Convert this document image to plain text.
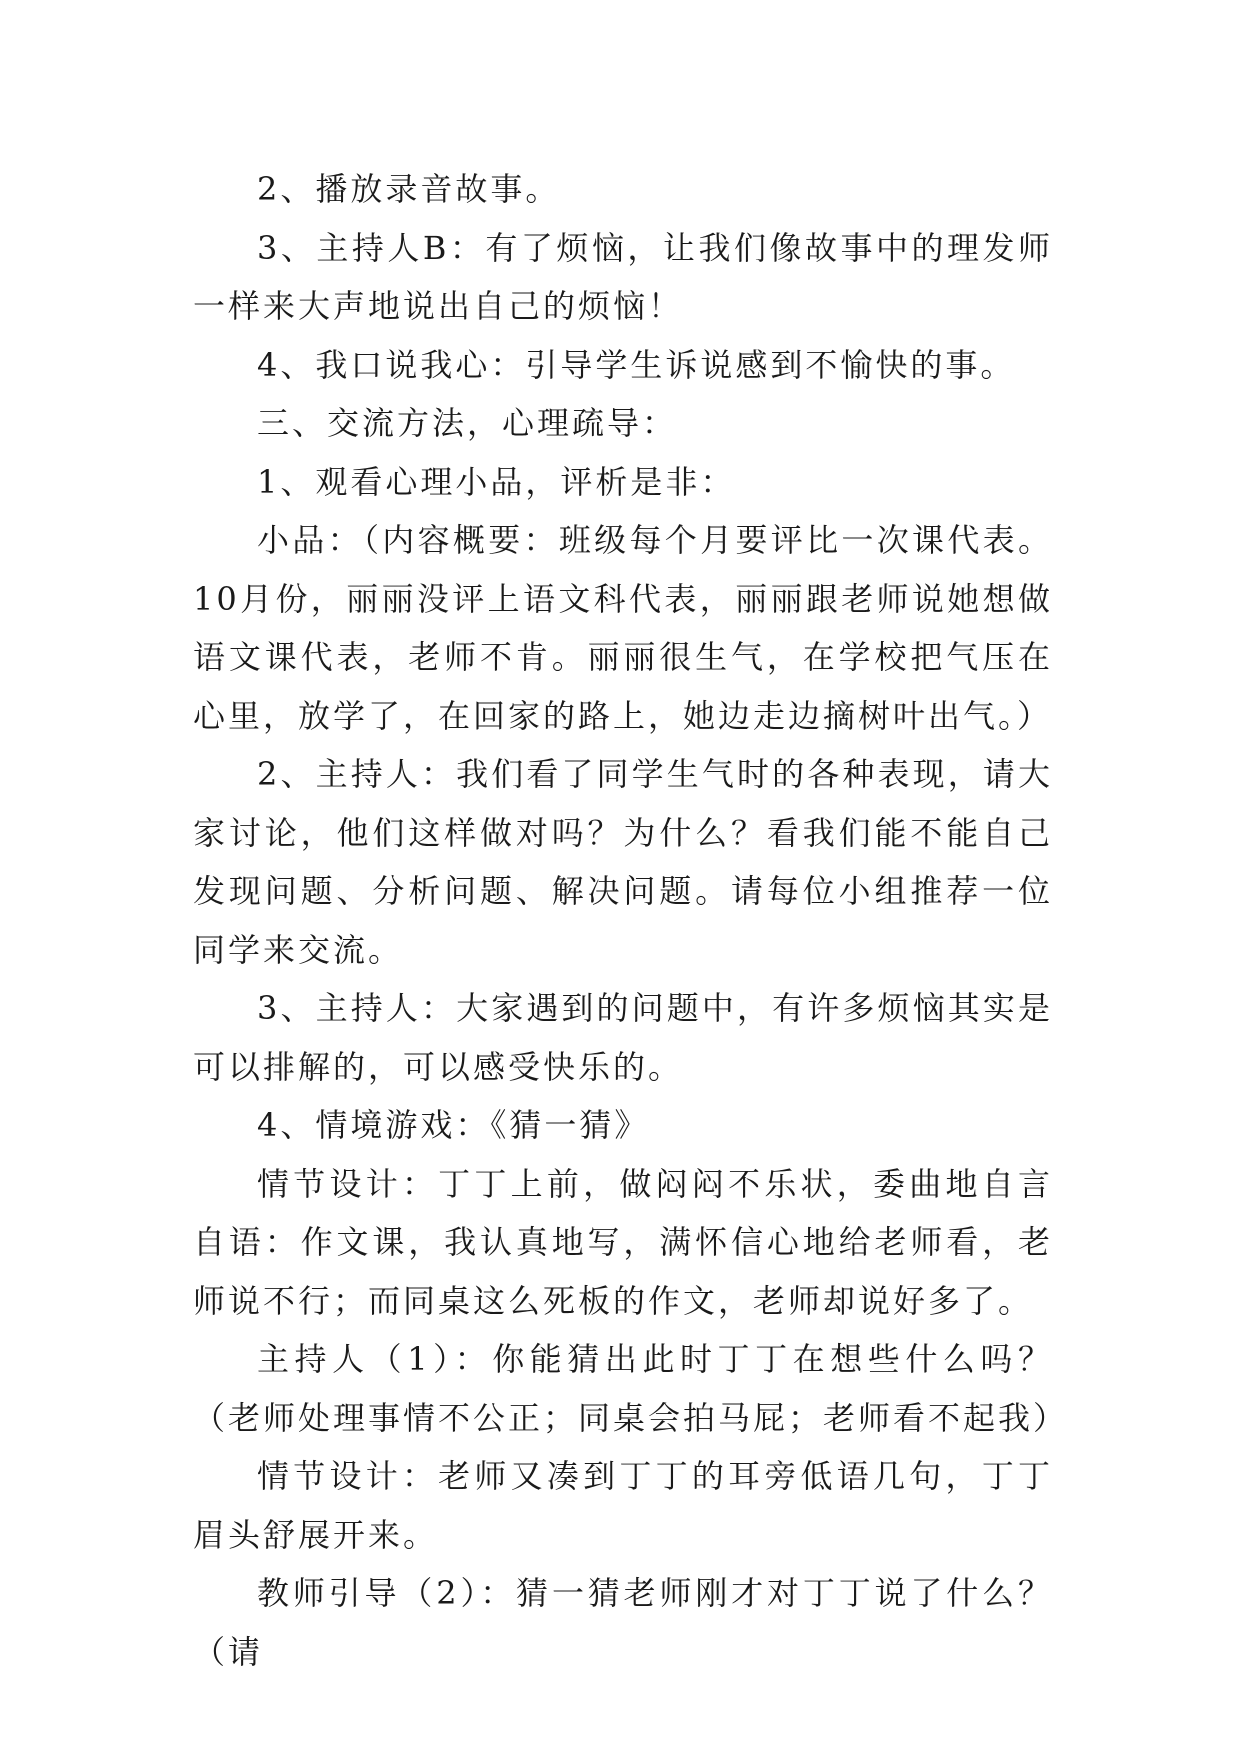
2、播放录音故事。

3、主持人B：有了烦恼，让我们像故事中的理发师一样来大声地说出自己的烦恼！

4、我口说我心：引导学生诉说感到不愉快的事。

三、交流方法，心理疏导：

1、观看心理小品，评析是非：

小品：（内容概要：班级每个月要评比一次课代表。10月份，丽丽没评上语文科代表，丽丽跟老师说她想做语文课代表，老师不肯。丽丽很生气，在学校把气压在心里，放学了，在回家的路上，她边走边摘树叶出气。）

2、主持人：我们看了同学生气时的各种表现，请大家讨论，他们这样做对吗？为什么？看我们能不能自己发现问题、分析问题、解决问题。请每位小组推荐一位同学来交流。

3、主持人：大家遇到的问题中，有许多烦恼其实是可以排解的，可以感受快乐的。

4、情境游戏：《猜一猜》

情节设计：丁丁上前，做闷闷不乐状，委曲地自言自语：作文课，我认真地写，满怀信心地给老师看，老师说不行；而同桌这么死板的作文，老师却说好多了。

主持人（1）：你能猜出此时丁丁在想些什么吗？（老师处理事情不公正；同桌会拍马屁；老师看不起我）

情节设计：老师又凑到丁丁的耳旁低语几句，丁丁眉头舒展开来。

教师引导（2）：猜一猜老师刚才对丁丁说了什么？（请
